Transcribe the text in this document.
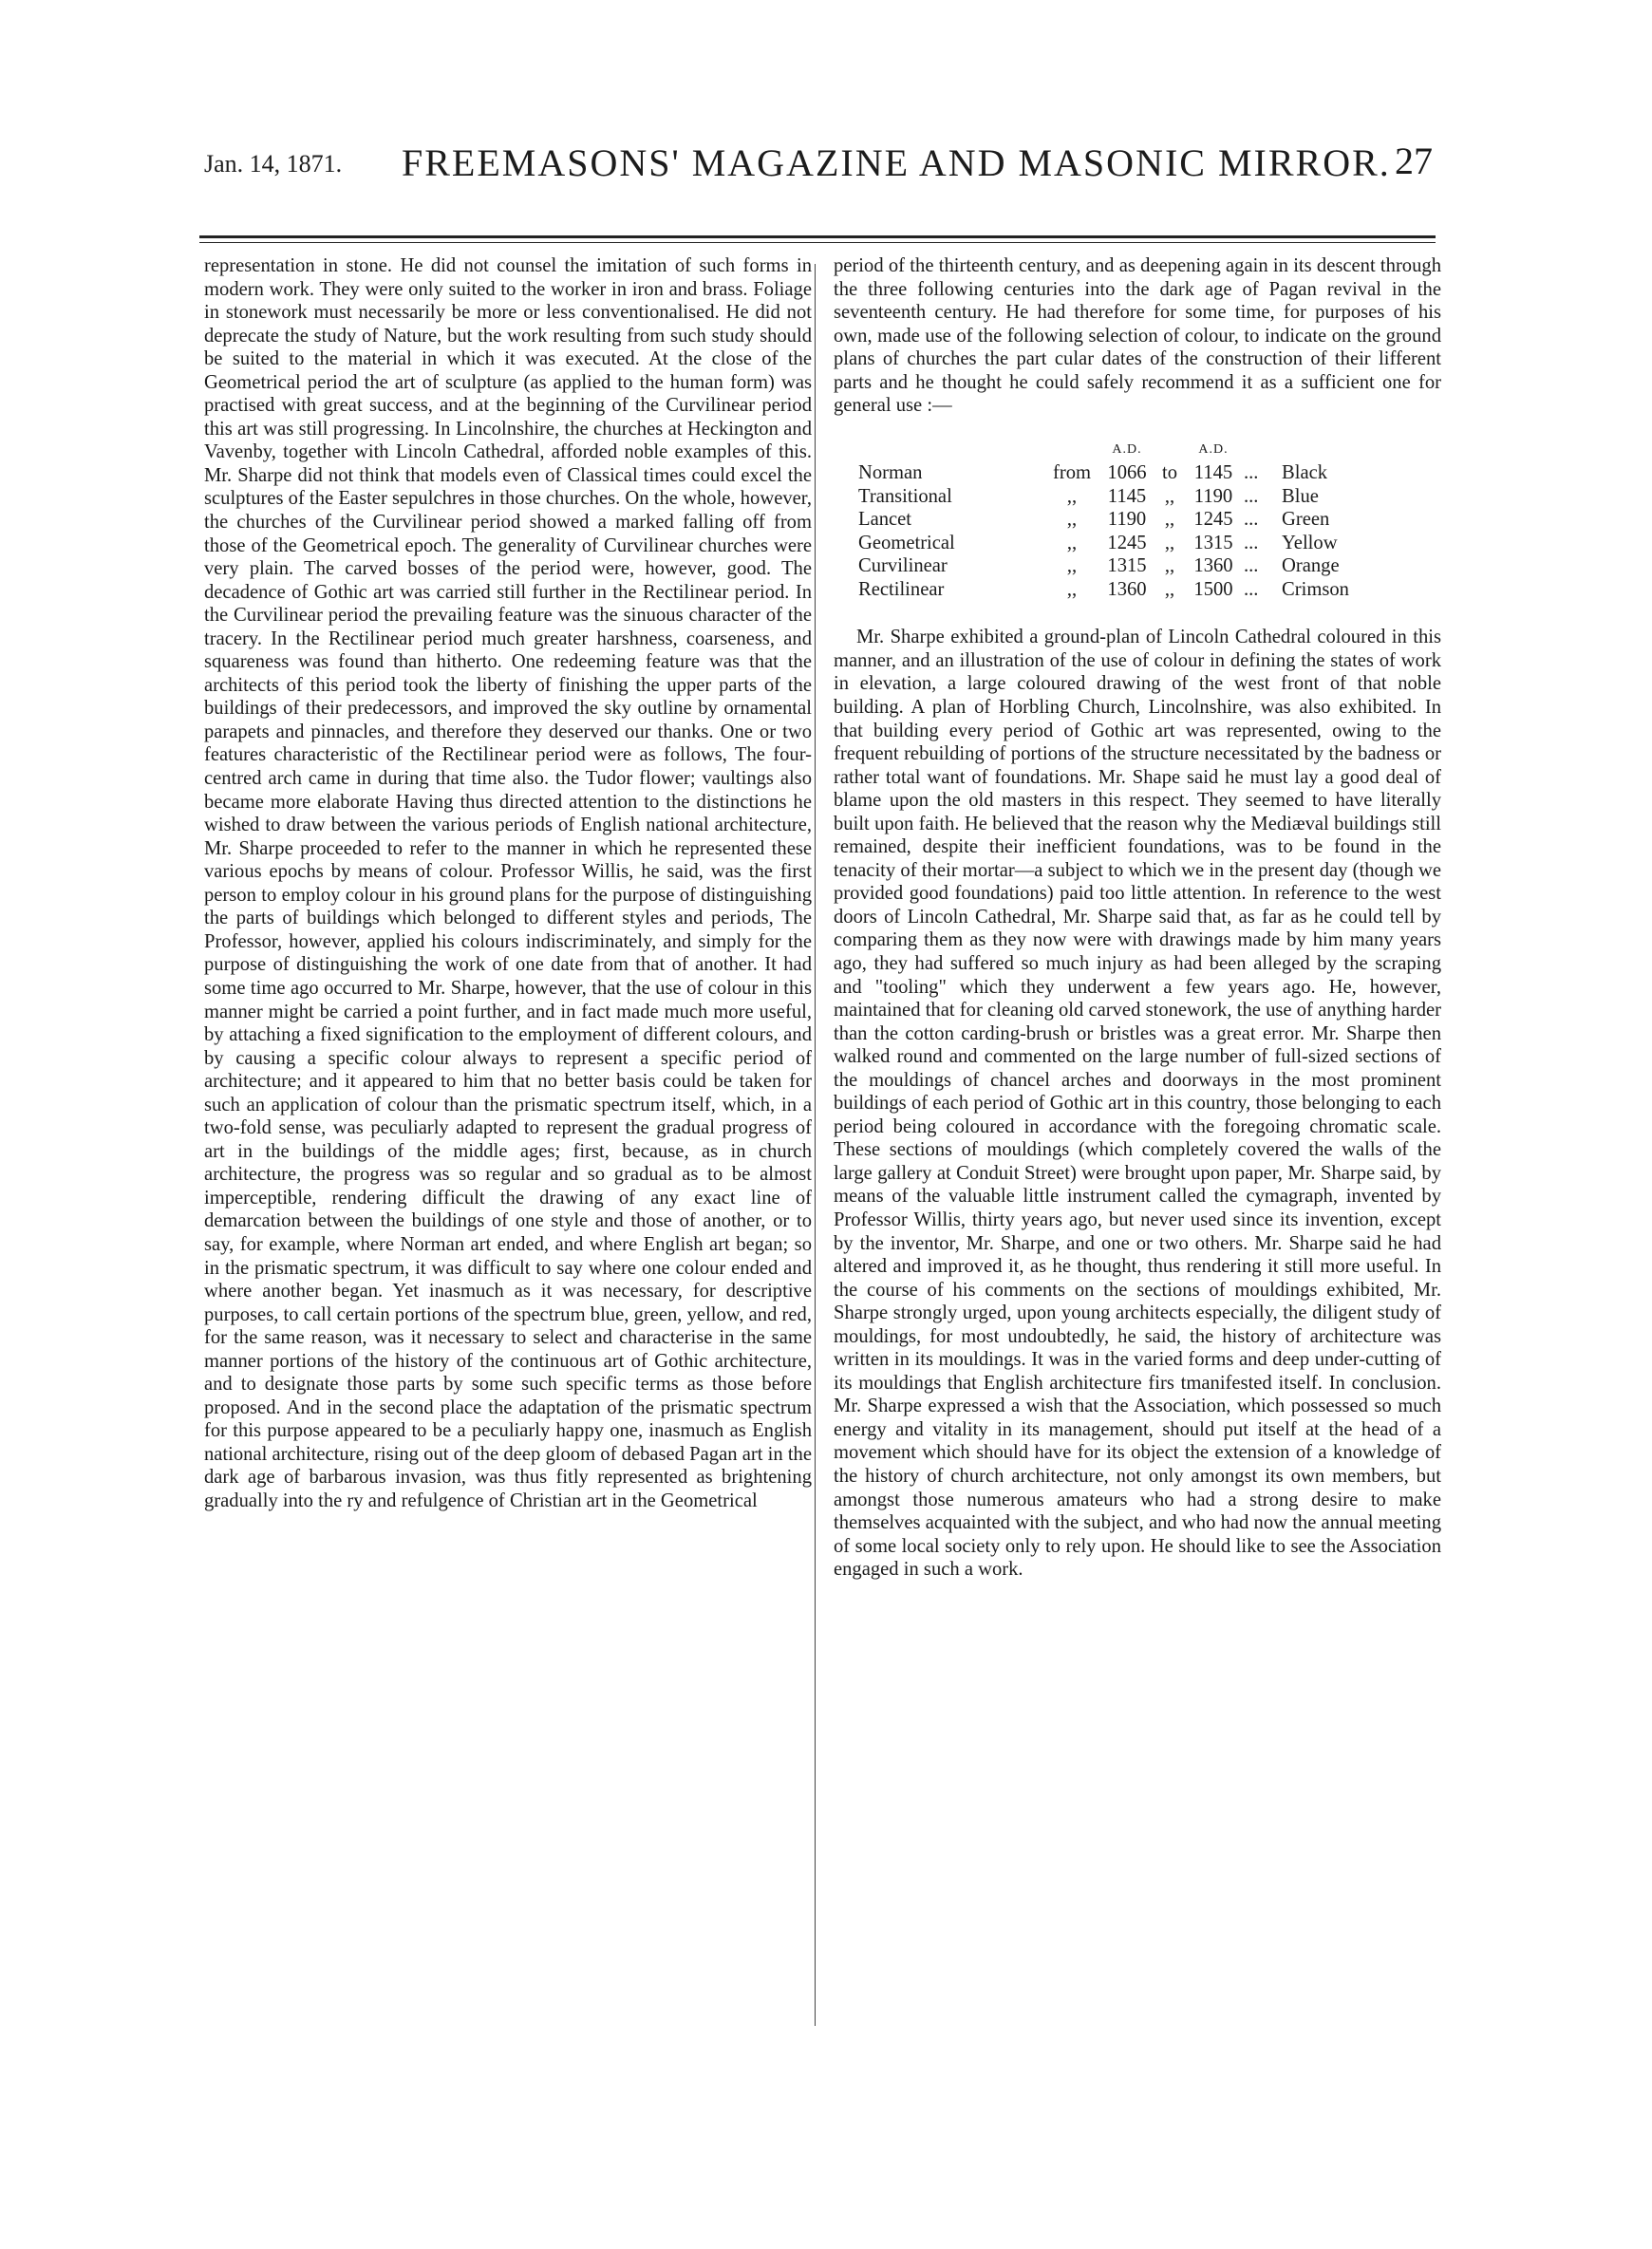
Jan. 14, 1871. FREEMASONS' MAGAZINE AND MASONIC MIRROR. 27

representation in stone. He did not counsel the imitation of such forms in modern work. They were only suited to the worker in iron and brass. Foliage in stonework must necessarily be more or less conventionalised. He did not deprecate the study of Nature, but the work resulting from such study should be suited to the material in which it was executed. At the close of the Geometrical period the art of sculpture (as applied to the human form) was practised with great success, and at the beginning of the Curvilinear period this art was still progressing. In Lincolnshire, the churches at Heckington and Vavenby, together with Lincoln Cathedral, afforded noble examples of this. Mr. Sharpe did not think that models even of Classical times could excel the sculptures of the Easter sepulchres in those churches. On the whole, however, the churches of the Curvilinear period showed a marked falling off from those of the Geometrical epoch. The generality of Curvilinear churches were very plain. The carved bosses of the period were, however, good. The decadence of Gothic art was carried still further in the Rectilinear period. In the Curvilinear period the prevailing feature was the sinuous character of the tracery. In the Rectilinear period much greater harshness, coarseness, and squareness was found than hitherto. One redeeming feature was that the architects of this period took the liberty of finishing the upper parts of the buildings of their predecessors, and improved the sky outline by ornamental parapets and pinnacles, and therefore they deserved our thanks. One or two features characteristic of the Rectilinear period were as follows, The four-centred arch came in during that time also. the Tudor flower; vaultings also became more elaborate Having thus directed attention to the distinctions he wished to draw between the various periods of English national architecture, Mr. Sharpe proceeded to refer to the manner in which he represented these various epochs by means of colour. Professor Willis, he said, was the first person to employ colour in his ground plans for the purpose of distinguishing the parts of buildings which belonged to different styles and periods, The Professor, however, applied his colours indiscriminately, and simply for the purpose of distinguishing the work of one date from that of another. It had some time ago occurred to Mr. Sharpe, however, that the use of colour in this manner might be carried a point further, and in fact made much more useful, by attaching a fixed signification to the employment of different colours, and by causing a specific colour always to represent a specific period of architecture; and it appeared to him that no better basis could be taken for such an application of colour than the prismatic spectrum itself, which, in a two-fold sense, was peculiarly adapted to represent the gradual progress of art in the buildings of the middle ages; first, because, as in church architecture, the progress was so regular and so gradual as to be almost imperceptible, rendering difficult the drawing of any exact line of demarcation between the buildings of one style and those of another, or to say, for example, where Norman art ended, and where English art began; so in the prismatic spectrum, it was difficult to say where one colour ended and where another began. Yet inasmuch as it was necessary, for descriptive purposes, to call certain portions of the spectrum blue, green, yellow, and red, for the same reason, was it necessary to select and characterise in the same manner portions of the history of the continuous art of Gothic architecture, and to designate those parts by some such specific terms as those before proposed. And in the second place the adaptation of the prismatic spectrum for this purpose appeared to be a peculiarly happy one, inasmuch as English national architecture, rising out of the deep gloom of debased Pagan art in the dark age of barbarous invasion, was thus fitly represented as brightening gradually into the ry and refulgence of Christian art in the Geometrical

period of the thirteenth century, and as deepening again in its descent through the three following centuries into the dark age of Pagan revival in the seventeenth century. He had therefore for some time, for purposes of his own, made use of the following selection of colour, to indicate on the ground plans of churches the part cular dates of the construction of their lifferent parts and he thought he could safely recommend it as a sufficient one for general use :—

A.D.	A.D.
Norman	from 1066 to 1145 ...	Black
Transitional	,,	1145 ,,	1190 ...	Blue
Lancet	,,	1190 ,, 1245 ...	Green
Geometrical	,,	1245 ,, 1315 ...	Yellow
Curvilinear	,,	1315 ,, 1360 ...	Orange
Rectilinear	,,	1360 ,, 1500 ...	Crimson

Mr. Sharpe exhibited a ground-plan of Lincoln Cathedral coloured in this manner, and an illustration of the use of colour in defining the states of work in elevation, a large coloured drawing of the west front of that noble building. A plan of Horbling Church, Lincolnshire, was also exhibited. In that building every period of Gothic art was represented, owing to the frequent rebuilding of portions of the structure necessitated by the badness or rather total want of foundations. Mr. Shape said he must lay a good deal of blame upon the old masters in this respect. They seemed to have literally built upon faith. He believed that the reason why the Mediæval buildings still remained, despite their inefficient foundations, was to be found in the tenacity of their mortar—a subject to which we in the present day (though we provided good foundations) paid too little attention. In reference to the west doors of Lincoln Cathedral, Mr. Sharpe said that, as far as he could tell by comparing them as they now were with drawings made by him many years ago, they had suffered so much injury as had been alleged by the scraping and "tooling" which they underwent a few years ago. He, however, maintained that for cleaning old carved stonework, the use of anything harder than the cotton carding-brush or bristles was a great error. Mr. Sharpe then walked round and commented on the large number of full-sized sections of the mouldings of chancel arches and doorways in the most prominent buildings of each period of Gothic art in this country, those belonging to each period being coloured in accordance with the foregoing chromatic scale. These sections of mouldings (which completely covered the walls of the large gallery at Conduit Street) were brought upon paper, Mr. Sharpe said, by means of the valuable little instrument called the cymagraph, invented by Professor Willis, thirty years ago, but never used since its invention, except by the inventor, Mr. Sharpe, and one or two others. Mr. Sharpe said he had altered and improved it, as he thought, thus rendering it still more useful. In the course of his comments on the sections of mouldings exhibited, Mr. Sharpe strongly urged, upon young architects especially, the diligent study of mouldings, for most undoubtedly, he said, the history of architecture was written in its mouldings. It was in the varied forms and deep under-cutting of its mouldings that English architecture firs tmanifested itself. In conclusion. Mr. Sharpe expressed a wish that the Association, which possessed so much energy and vitality in its management, should put itself at the head of a movement which should have for its object the extension of a knowledge of the history of church architecture, not only amongst its own members, but amongst those numerous amateurs who had a strong desire to make themselves acquainted with the subject, and who had now the annual meeting of some local society only to rely upon. He should like to see the Association engaged in such a work.
